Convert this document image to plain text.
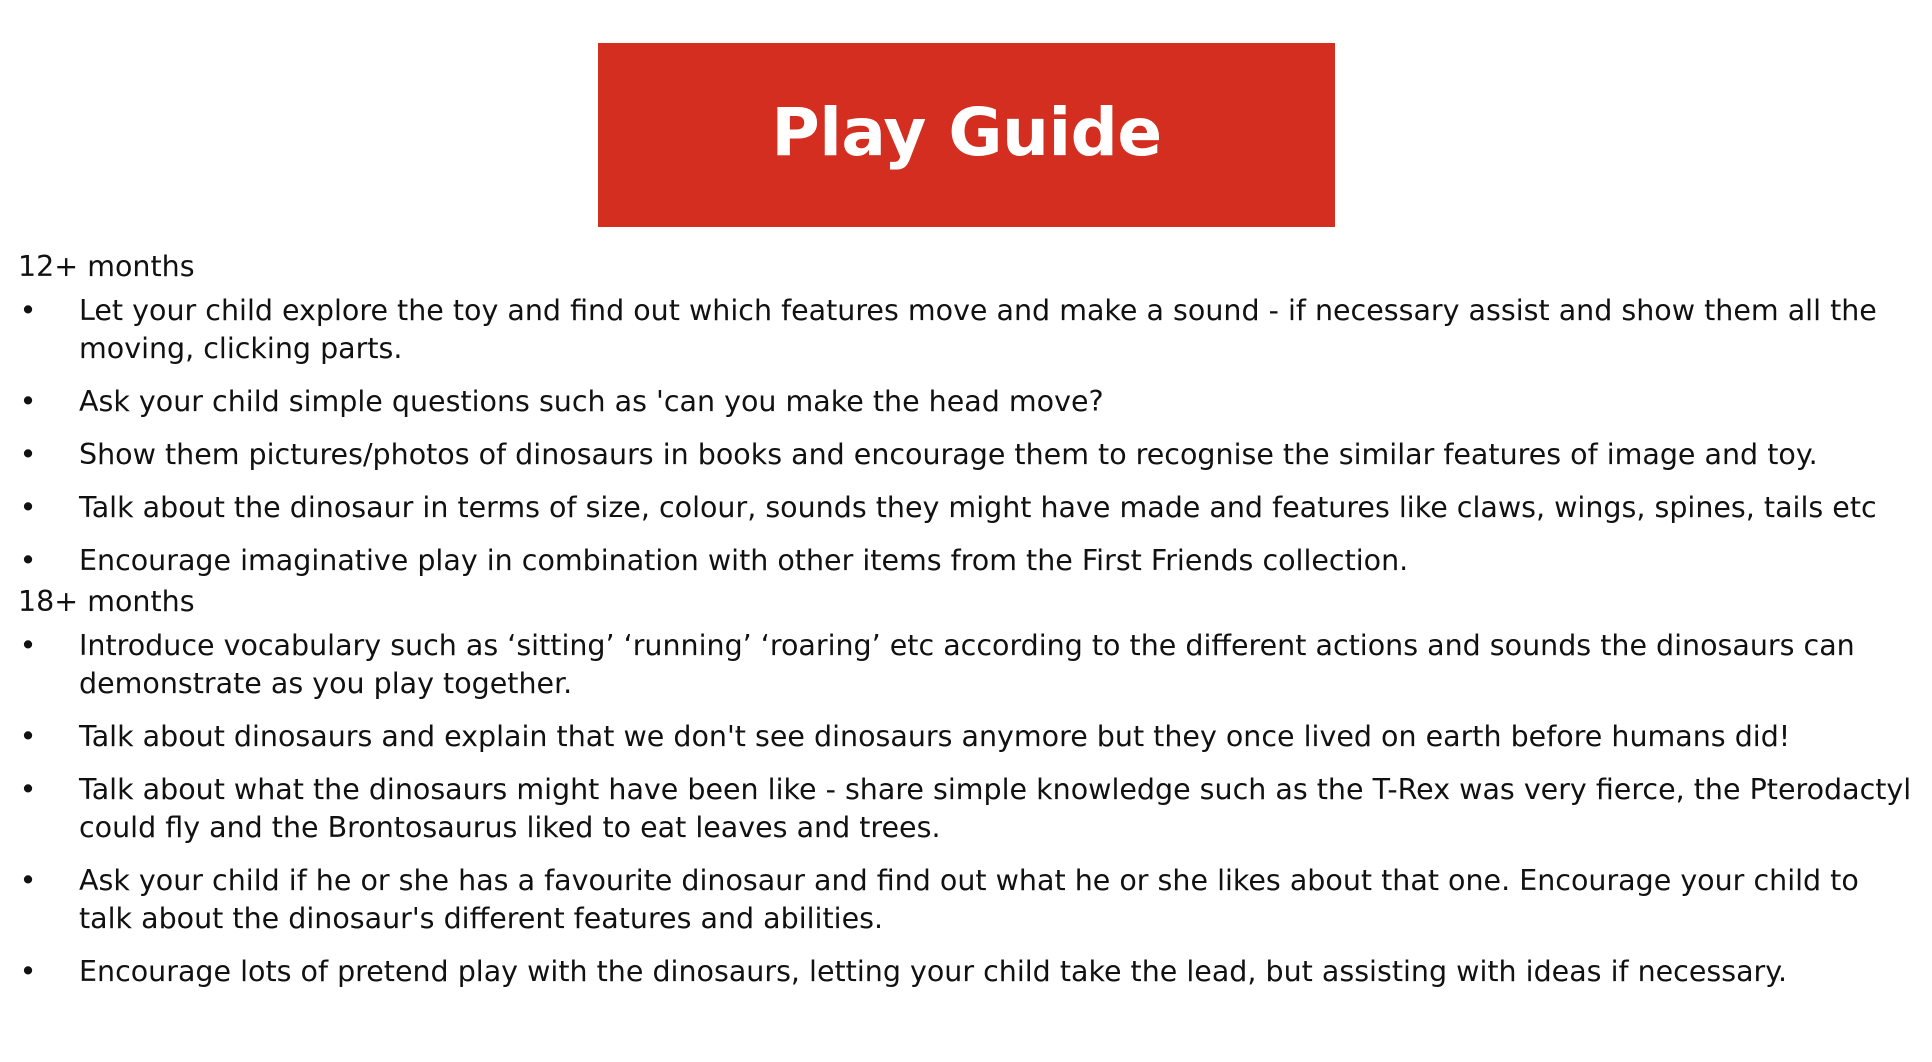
Play Guide
12+ months
• Let your child explore the toy and find out which features move and make a sound - if necessary assist and show them all the moving, clicking parts.
• Ask your child simple questions such as 'can you make the head move?
• Show them pictures/photos of dinosaurs in books and encourage them to recognise the similar features of image and toy.
• Talk about the dinosaur in terms of size, colour, sounds they might have made and features like claws, wings, spines, tails etc
• Encourage imaginative play in combination with other items from the First Friends collection.
18+ months
• Introduce vocabulary such as ‘sitting’ ‘running’ ‘roaring’ etc according to the different actions and sounds the dinosaurs can demonstrate as you play together.
• Talk about dinosaurs and explain that we don't see dinosaurs anymore but they once lived on earth before humans did!
• Talk about what the dinosaurs might have been like - share simple knowledge such as the T-Rex was very fierce, the Pterodactyl could fly and the Brontosaurus liked to eat leaves and trees.
• Ask your child if he or she has a favourite dinosaur and find out what he or she likes about that one. Encourage your child to talk about the dinosaur's different features and abilities.
• Encourage lots of pretend play with the dinosaurs, letting your child take the lead, but assisting with ideas if necessary.
